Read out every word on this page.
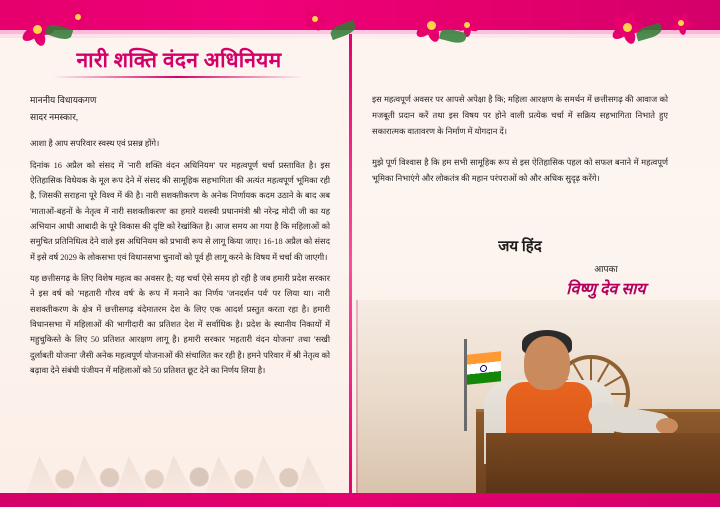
नारी शक्ति वंदन अधिनियम
माननीय विधायकगण
सादर नमस्कार,

आशा है आप सपरिवार स्वस्थ एवं प्रसन्न होंगे।

दिनांक 16 अप्रैल को संसद में 'नारी शक्ति वंदन अधिनियम' पर महत्वपूर्ण चर्चा प्रस्तावित है। इस ऐतिहासिक विधेयक के मूल रूप देने में संसद की सामूहिक सहभागिता की अत्यंत महत्वपूर्ण भूमिका रही है, जिसकी सराहना पूरे विश्व में की है। नारी सशक्तीकरण के अनेक निर्णायक कदम उठाने के बाद अब 'माताओं-बहनों के नेतृत्व में नारी सशक्तीकरण' का हमारे यशस्वी प्रधानमंत्री श्री नरेन्द्र मोदी जी का यह अभियान आधी आबादी के पूरे विकास की दृष्टि को रेखांकित है। आज समय आ गया है कि महिलाओं को समुचित प्रतिनिधित्व देने वाले इस अधिनियम को प्रभावी रूप से लागू किया जाए। 16-18 अप्रैल को संसद में इसे वर्ष 2029 के लोकसभा एवं विधानसभा चुनावों को पूर्व ही लागू करने के विषय में चर्चा की जाएगी।

यह छत्तीसगढ़ के लिए विशेष महत्व का अवसर है; यह चर्चा ऐसे समय हो रही है जब हमारी प्रदेश सरकार ने इस वर्ष को 'महतारी गौरव वर्ष' के रूप में मनाने का निर्णय 'जनदर्शन पर्व' पर लिया था। नारी सशक्तीकरण के क्षेत्र में छत्तीसगढ़ वंदेमातरम देश के लिए एक आदर्श प्रस्तुत करता रहा है। हमारी विधानसभा में महिलाओं की भागीदारी का प्रतिशत देश में सर्वाधिक है। प्रदेश के स्थानीय निकायों में महुचुकिस्ते के लिए 50 प्रतिशत आरक्षण लागू है। हमारी सरकार 'महतारी वंदन योजना' तथा 'सखी दुर्लाबती योजना' जैसी अनेक महत्वपूर्ण योजनाओं की संचालित कर रही है। हमने परिवार में श्री नेतृत्व को बढ़ावा देने संबंधी पंजीयन में महिलाओं को 50 प्रतिशत छूट देने का निर्णय लिया है।

इस महत्वपूर्ण अवसर पर आपसे अपेक्षा है कि; महिला आरक्षण के समर्थन में छत्तीसगढ़ की आवाज को मजबूती प्रदान करें तथा इस विषय पर होने वाली प्रत्येक चर्चा में सक्रिय सहभागिता निभाते हुए सकारात्मक वातावरण के निर्माण में योगदान दें।

मुझे पूर्ण विश्वास है कि हम सभी सामूहिक रूप से इस ऐतिहासिक पहल को सफल बनाने में महत्वपूर्ण भूमिका निभाएंगे और लोकतंत्र की महान परंपराओं को और अधिक सुदृढ़ करेंगे।

जय हिंद
आपका
विष्णु देव साय
